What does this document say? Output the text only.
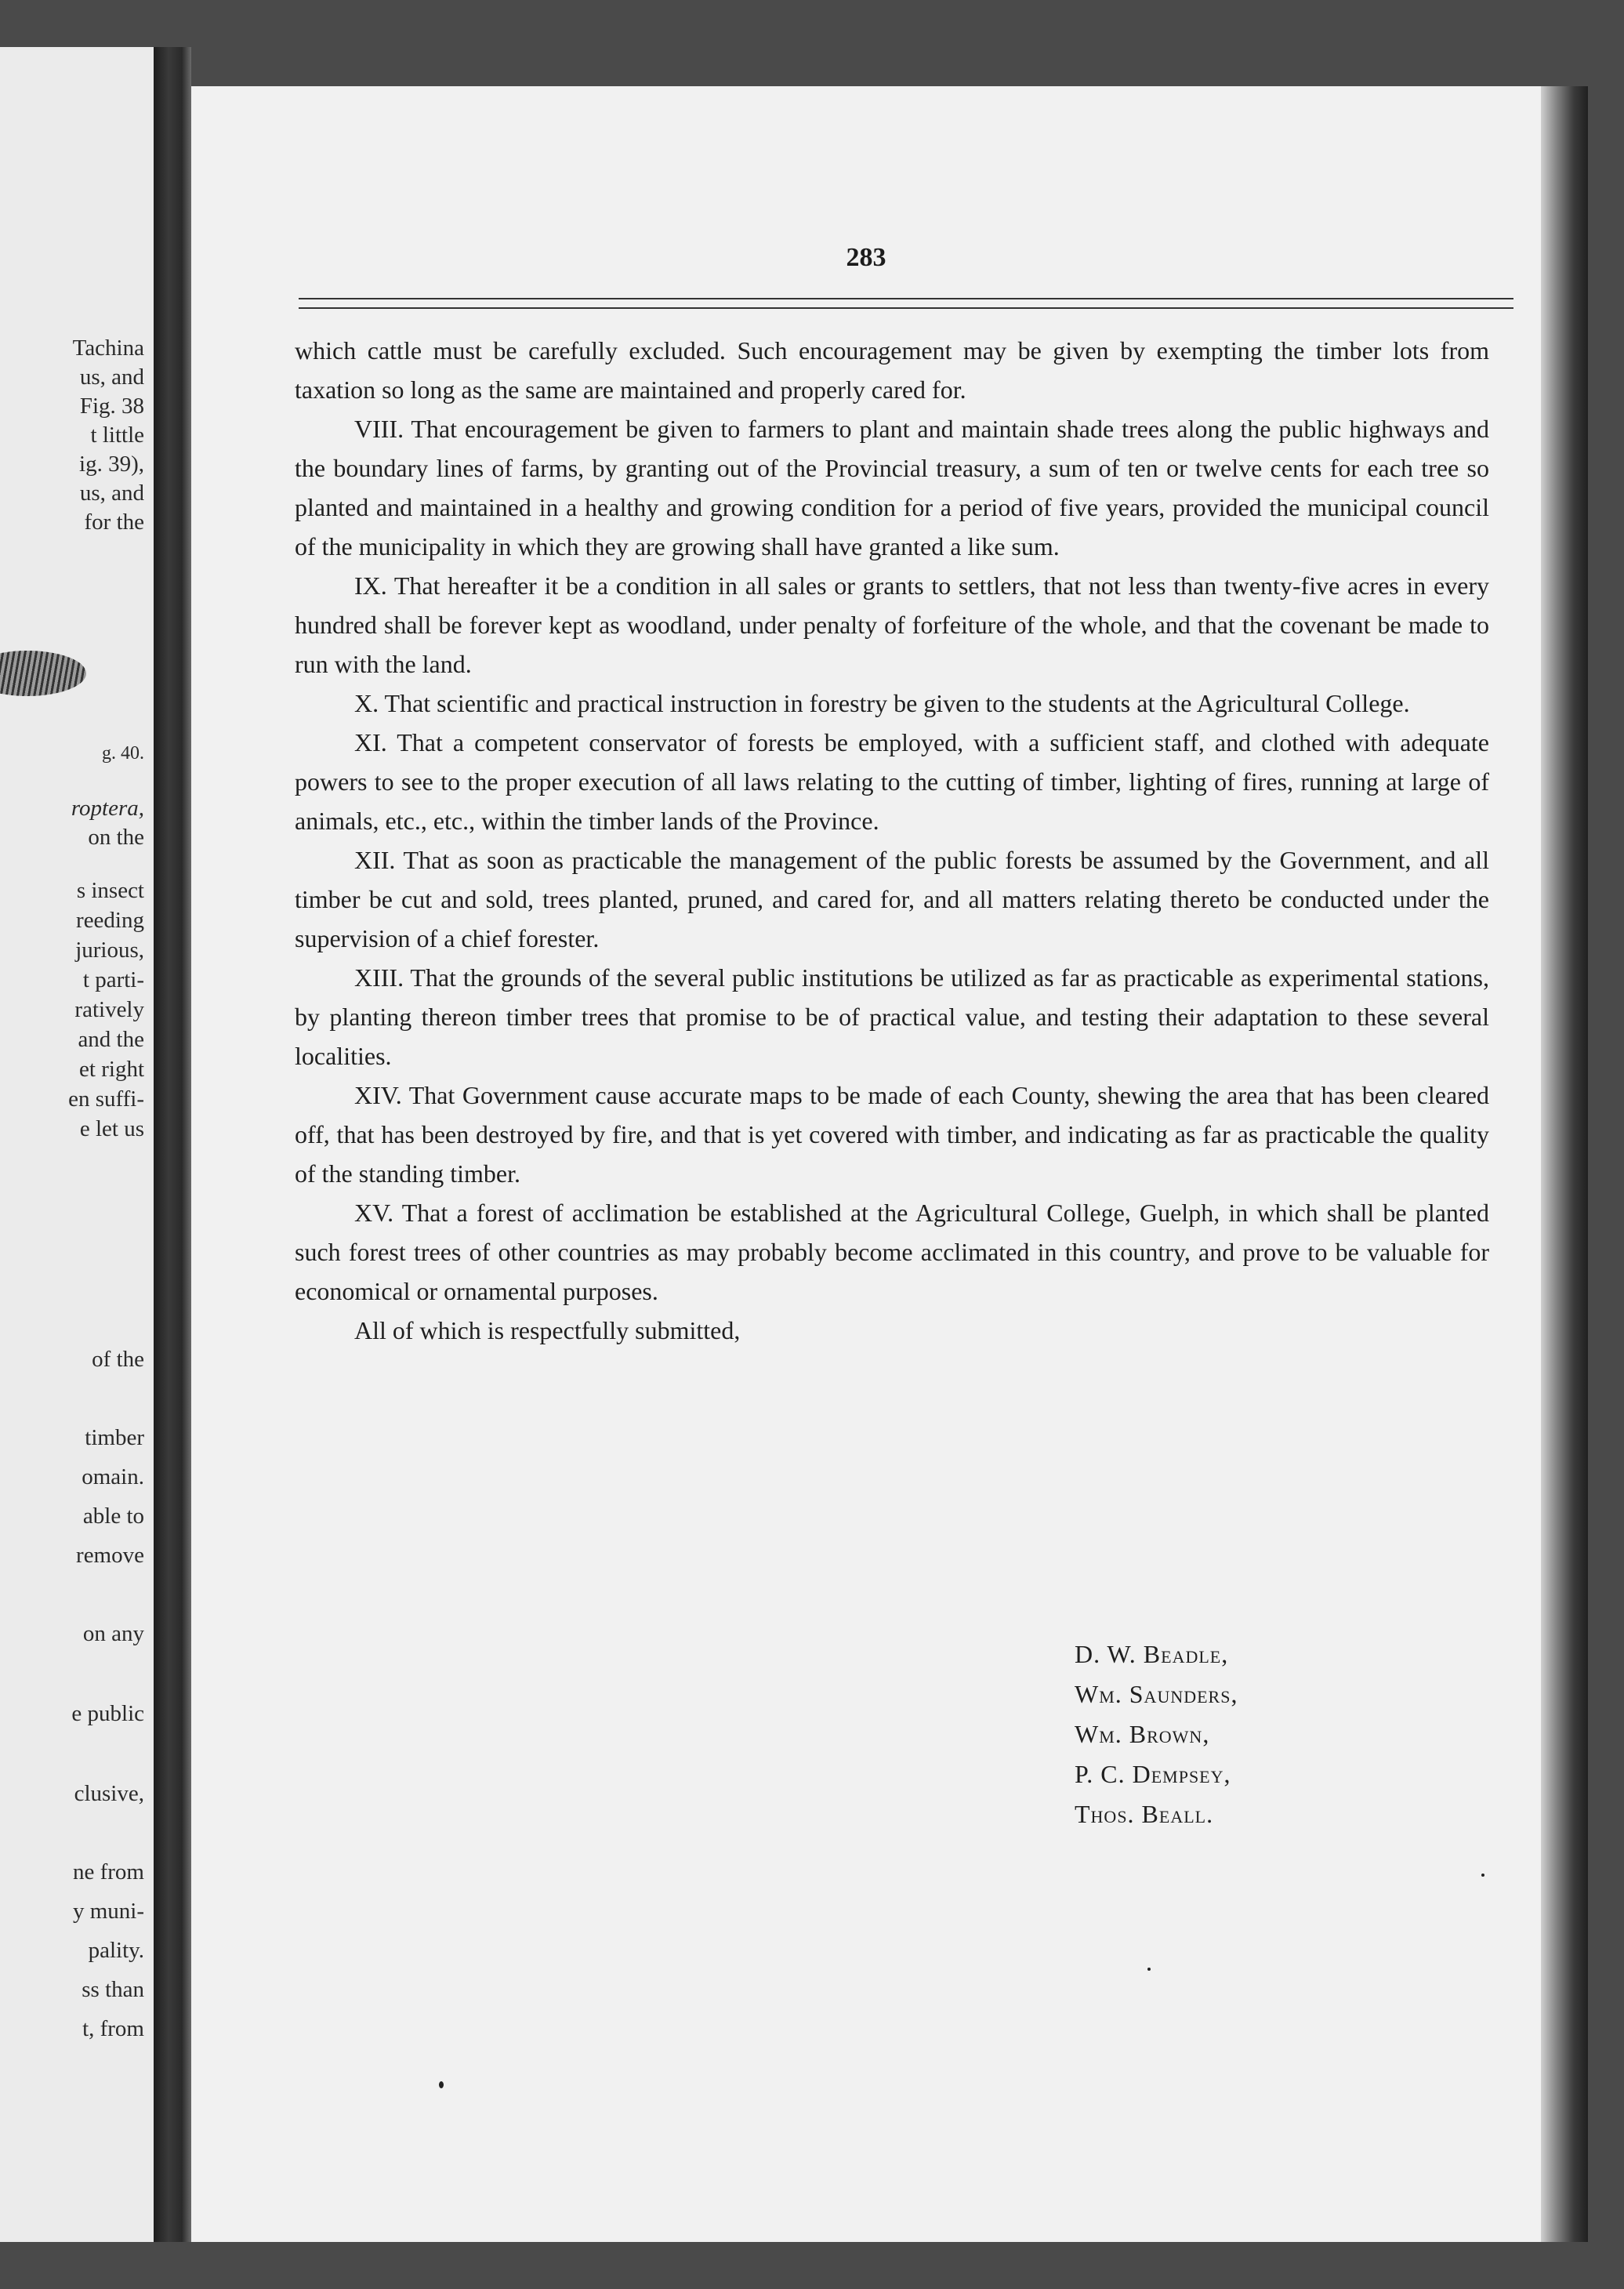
Tachina
us, and
Fig. 38
t little
ig. 39),
us, and
for the
g. 40.
roptera,
on the
s insect
reeding
jurious,
t parti-
ratively
and the
et right
en suffi-
e let us
of the
timber
omain.
able to
remove
on any
e public
clusive,
ne from
y muni-
pality.
ss than
t, from
283

which cattle must be carefully excluded. Such encouragement may be given by exempting the timber lots from taxation so long as the same are maintained and properly cared for.

VIII. That encouragement be given to farmers to plant and maintain shade trees along the public highways and the boundary lines of farms, by granting out of the Provincial treasury, a sum of ten or twelve cents for each tree so planted and maintained in a healthy and growing condition for a period of five years, provided the municipal council of the municipality in which they are growing shall have granted a like sum.

IX. That hereafter it be a condition in all sales or grants to settlers, that not less than twenty-five acres in every hundred shall be forever kept as woodland, under penalty of forfeiture of the whole, and that the covenant be made to run with the land.

X. That scientific and practical instruction in forestry be given to the students at the Agricultural College.

XI. That a competent conservator of forests be employed, with a sufficient staff, and clothed with adequate powers to see to the proper execution of all laws relating to the cutting of timber, lighting of fires, running at large of animals, etc., etc., within the timber lands of the Province.

XII. That as soon as practicable the management of the public forests be assumed by the Government, and all timber be cut and sold, trees planted, pruned, and cared for, and all matters relating thereto be conducted under the supervision of a chief forester.

XIII. That the grounds of the several public institutions be utilized as far as practicable as experimental stations, by planting thereon timber trees that promise to be of practical value, and testing their adaptation to these several localities.

XIV. That Government cause accurate maps to be made of each County, shewing the area that has been cleared off, that has been destroyed by fire, and that is yet covered with timber, and indicating as far as practicable the quality of the standing timber.

XV. That a forest of acclimation be established at the Agricultural College, Guelph, in which shall be planted such forest trees of other countries as may probably become acclimated in this country, and prove to be valuable for economical or ornamental purposes.

All of which is respectfully submitted,

D. W. Beadle,
Wm. Saunders,
Wm. Brown,
P. C. Dempsey,
Thos. Beall.
